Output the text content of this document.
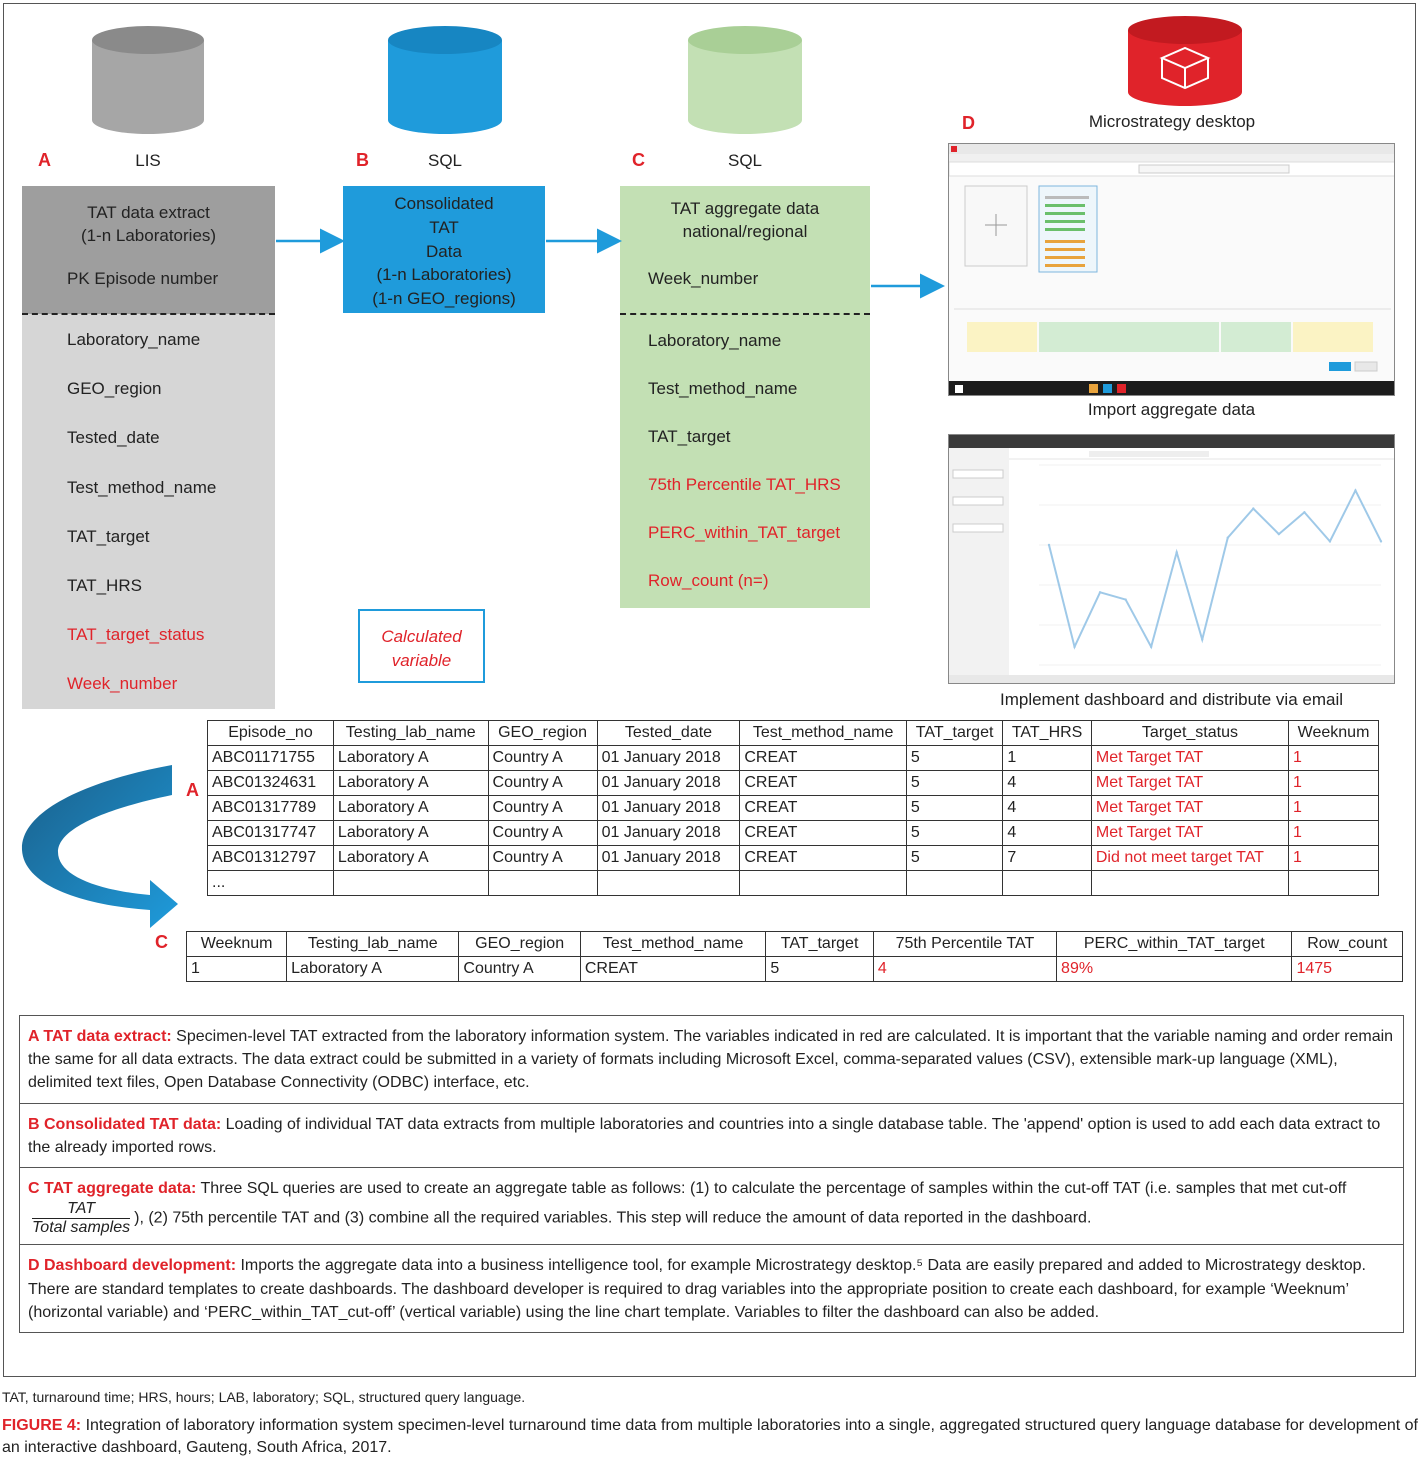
A	LIS	B	SQL	C	SQL
D	Microstrategy desktop
TAT data extract
(1-n Laboratories)
PK Episode number
Laboratory_name
GEO_region
Tested_date
Test_method_name
TAT_target
TAT_HRS
TAT_target_status
Week_number
Consolidated
TAT
Data
(1-n Laboratories)
(1-n GEO_regions)
TAT aggregate data
national/regional
Week_number
Laboratory_name
Test_method_name
TAT_target
75th Percentile TAT_HRS
PERC_within_TAT_target
Row_count (n=)
Calculated
variable
Import aggregate data
Implement dashboard and distribute via email
A
Episode_no	Testing_lab_name	GEO_region	Tested_date	Test_method_name	TAT_target	TAT_HRS	Target_status	Weeknum
ABC01171755	Laboratory A	Country A	01 January 2018	CREAT	5	1	Met Target TAT	1
ABC01324631	Laboratory A	Country A	01 January 2018	CREAT	5	4	Met Target TAT	1
ABC01317789	Laboratory A	Country A	01 January 2018	CREAT	5	4	Met Target TAT	1
ABC01317747	Laboratory A	Country A	01 January 2018	CREAT	5	4	Met Target TAT	1
ABC01312797	Laboratory A	Country A	01 January 2018	CREAT	5	7	Did not meet target TAT	1
...								
C Weeknum	Testing_lab_name	GEO_region	Test_method_name	TAT_target	75th Percentile TAT	PERC_within_TAT_target	Row_count
1	Laboratory A	Country A	CREAT	5	4	89%	1475
A TAT data extract: Specimen-level TAT extracted from the laboratory information system. The variables indicated in red are calculated. It is important that the variable naming and order remain the same for all data extracts. The data extract could be submitted in a variety of formats including Microsoft Excel, comma-separated values (CSV), extensible mark-up language (XML), delimited text files, Open Database Connectivity (ODBC) interface, etc.
B Consolidated TAT data: Loading of individual TAT data extracts from multiple laboratories and countries into a single database table. The 'append' option is used to add each data extract to the already imported rows.
C TAT aggregate data: Three SQL queries are used to create an aggregate table as follows: (1) to calculate the percentage of samples within the cut-off TAT (i.e. samples that met cut-off
$\frac{\text{TAT}}{\text{Total samples}}$ ), (2) 75th percentile TAT and (3) combine all the required variables. This step will reduce the amount of data reported in the dashboard.
D Dashboard development: Imports the aggregate data into a business intelligence tool, for example Microstrategy desktop.⁵ Data are easily prepared and added to Microstrategy desktop. There are standard templates to create dashboards. The dashboard developer is required to drag variables into the appropriate position to create each dashboard, for example ‘Weeknum’ (horizontal variable) and ‘PERC_within_TAT_cut-off’ (vertical variable) using the line chart template. Variables to filter the dashboard can also be added.
TAT, turnaround time; HRS, hours; LAB, laboratory; SQL, structured query language.
FIGURE 4: Integration of laboratory information system specimen-level turnaround time data from multiple laboratories into a single, aggregated structured query language database for development of an interactive dashboard, Gauteng, South Africa, 2017.
